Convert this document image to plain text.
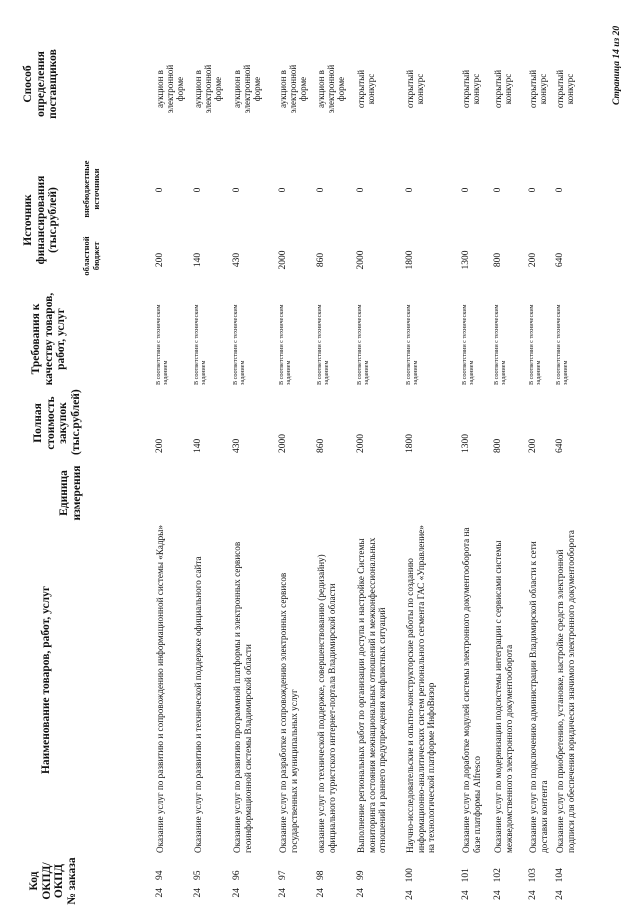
Код ОКПД/ ОКПД № заказа
Наименование товаров, работ, услуг
Единица измерения
Полная стоимость закупок (тыс.рублей)
Требования к качеству товаров, работ, услуг
Источник финансирования (тыс.рублей)
областной бюджет
внебюджетные источники
Способ определения поставщиков
2494
Оказание услуг по развитию и сопровождению информационной системы «Кадры»
200
В соответствии с техническим заданием
200
0
аукцион в электронной форме
2495
Оказание услуг по развитию и технической поддержке официального сайта
140
В соответствии с техническим заданием
140
0
аукцион в электронной форме
2496
Оказание услуг по развитию программной платформы и электронных сервисов геоинформационной системы Владимирской области
430
В соответствии с техническим заданием
430
0
аукцион в электронной форме
2497
Оказание услуг по разработке и сопровождению электронных сервисов государственных и муниципальных услуг
2000
В соответствии с техническим заданием
2000
0
аукцион в электронной форме
2498
оказание услуг по технической поддержке, совершенствованию (редизайну) официального туристского интернет-портала Владимирской области
860
В соответствии с техническим заданием
860
0
аукцион в электронной форме
2499
Выполнение региональных работ по организации доступа и настройке Системы мониторинга состояния межнациональных отношений и межконфессиональных отношений и раннего предупреждения конфликтных ситуаций
2000
В соответствии с техническим заданием
2000
0
открытый конкурс
24100
Научно-исследовательские и опытно-конструкторские работы по созданию информационно-аналитических систем регионального сегмента ГАС «Управление» на технологической платформе ИнфоВизор
1800
В соответствии с техническим заданием
1800
0
открытый конкурс
24101
Оказание услуг по доработке модулей системы электронного документооборота на базе платформы Alfresco
1300
В соответствии с техническим заданием
1300
0
открытый конкурс
24102
Оказание услуг по модернизации подсистемы интеграции с сервисами системы межведомственного электронного документооборота
800
В соответствии с техническим заданием
800
0
открытый конкурс
24103
Оказание услуг по подключению администрации Владимирской области к сети доставки контента
200
В соответствии с техническим заданием
200
0
открытый конкурс
24104
Оказание услуг по приобретению, установке, настройке средств электронной подписи для обеспечения юридически значимого электронного документооборота
640
В соответствии с техническим заданием
640
0
открытый конкурс	Страница 14 из 20
